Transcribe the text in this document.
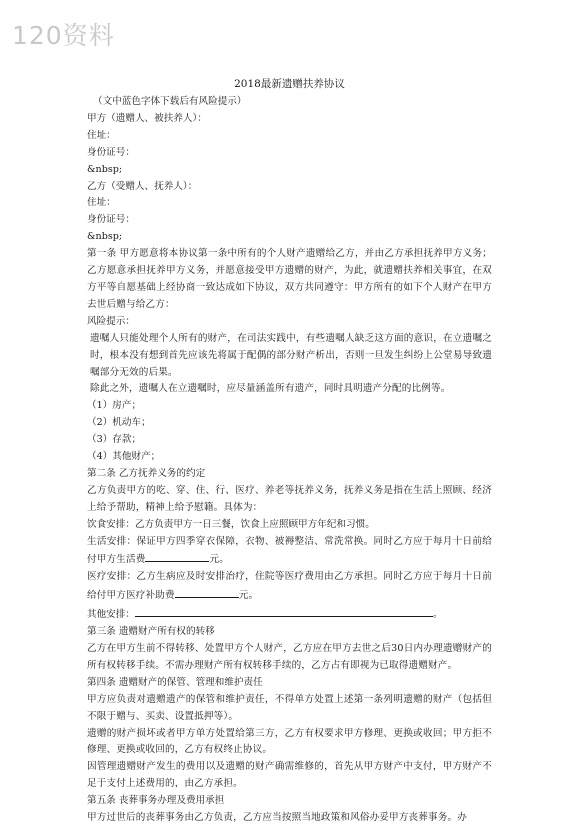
120资料
2018最新遗赠扶养协议
（文中蓝色字体下载后有风险提示）
甲方（遗赠人、被扶养人）：
住址：
身份证号：
&nbsp;
乙方（受赠人、抚养人）：
住址：
身份证号：
&nbsp;
第一条 甲方愿意将本协议第一条中所有的个人财产遗赠给乙方，并由乙方承担抚养甲方义务；乙方愿意承担抚养甲方义务，并愿意接受甲方遗赠的财产，为此，就遗赠扶养相关事宜，在双方平等自愿基础上经协商一致达成如下协议，双方共同遵守：甲方所有的如下个人财产在甲方去世后赠与给乙方：
风险提示：
遗嘱人只能处理个人所有的财产，在司法实践中，有些遗嘱人缺乏这方面的意识，在立遗嘱之时，根本没有想到首先应该先将属于配偶的部分财产析出，否则一旦发生纠纷上公堂易导致遗嘱部分无效的后果。
除此之外，遗嘱人在立遗嘱时，应尽量涵盖所有遗产，同时具明遗产分配的比例等。
（1）房产；
（2）机动车；
（3）存款；
（4）其他财产；
第二条 乙方抚养义务的约定
乙方负责甲方的吃、穿、住、行、医疗、养老等抚养义务，抚养义务是指在生活上照顾、经济上给予帮助，精神上给予慰籍。具体为：
饮食安排：乙方负责甲方一日三餐，饮食上应照顾甲方年纪和习惯。
生活安排：保证甲方四季穿衣保障，衣物、被褥整洁、常洗常换。同时乙方应于每月十日前给付甲方生活费	元。
医疗安排：乙方生病应及时安排治疗，住院等医疗费用由乙方承担。同时乙方应于每月十日前给付甲方医疗补助费	元。
其他安排：	。
第三条 遗赠财产所有权的转移
乙方在甲方生前不得转移、处置甲方个人财产，乙方应在甲方去世之后30日内办理遗赠财产的所有权转移手续。不需办理财产所有权转移手续的，乙方占有即视为已取得遗赠财产。
第四条 遗赠财产的保管、管理和维护责任
甲方应负责对遗赠遗产的保管和维护责任，不得单方处置上述第一条列明遗赠的财产（包括但不限于赠与、买卖、设置抵押等）。
遗赠的财产损坏或者甲方单方处置给第三方，乙方有权要求甲方修理、更换或收回；甲方拒不修理、更换或收回的，乙方有权终止协议。
因管理遗赠财产发生的费用以及遗赠的财产确需维修的，首先从甲方财产中支付，甲方财产不足于支付上述费用的，由乙方承担。
第五条 丧葬事务办理及费用承担
甲方过世后的丧葬事务由乙方负责，乙方应当按照当地政策和风俗办妥甲方丧葬事务。办
